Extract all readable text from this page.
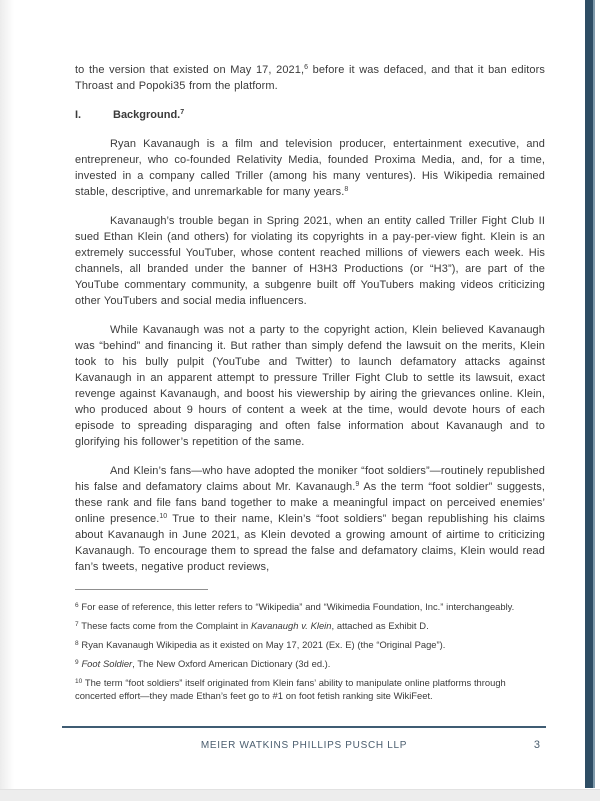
to the version that existed on May 17, 2021,$^6$ before it was defaced, and that it ban editors Throast and Popoki35 from the platform.

I.	Background.$^7$

Ryan Kavanaugh is a film and television producer, entertainment executive, and entrepreneur, who co-founded Relativity Media, founded Proxima Media, and, for a time, invested in a company called Triller (among his many ventures). His Wikipedia remained stable, descriptive, and unremarkable for many years.$^8$

Kavanaugh’s trouble began in Spring 2021, when an entity called Triller Fight Club II sued Ethan Klein (and others) for violating its copyrights in a pay-per-view fight. Klein is an extremely successful YouTuber, whose content reached millions of viewers each week. His channels, all branded under the banner of H3H3 Productions (or “H3”), are part of the YouTube commentary community, a subgenre built off YouTubers making videos criticizing other YouTubers and social media influencers.

While Kavanaugh was not a party to the copyright action, Klein believed Kavanaugh was “behind” and financing it. But rather than simply defend the lawsuit on the merits, Klein took to his bully pulpit (YouTube and Twitter) to launch defamatory attacks against Kavanaugh in an apparent attempt to pressure Triller Fight Club to settle its lawsuit, exact revenge against Kavanaugh, and boost his viewership by airing the grievances online. Klein, who produced about 9 hours of content a week at the time, would devote hours of each episode to spreading disparaging and often false information about Kavanaugh and to glorifying his follower’s repetition of the same.

And Klein’s fans—who have adopted the moniker “foot soldiers”—routinely republished his false and defamatory claims about Mr. Kavanaugh.$^9$ As the term “foot soldier” suggests, these rank and file fans band together to make a meaningful impact on perceived enemies’ online presence.$^{10}$ True to their name, Klein’s “foot soldiers” began republishing his claims about Kavanaugh in June 2021, as Klein devoted a growing amount of airtime to criticizing Kavanaugh. To encourage them to spread the false and defamatory claims, Klein would read fan’s tweets, negative product reviews,

$^6$ For ease of reference, this letter refers to “Wikipedia” and “Wikimedia Foundation, Inc.” interchangeably.
$^7$ These facts come from the Complaint in Kavanaugh v. Klein, attached as Exhibit D.
$^8$ Ryan Kavanaugh Wikipedia as it existed on May 17, 2021 (Ex. E) (the “Original Page”).
$^9$ Foot Soldier, The New Oxford American Dictionary (3d ed.).
$^{10}$ The term “foot soldiers” itself originated from Klein fans’ ability to manipulate online platforms through concerted effort—they made Ethan’s feet go to #1 on foot fetish ranking site WikiFeet.
MEIER WATKINS PHILLIPS PUSCH LLP	3
